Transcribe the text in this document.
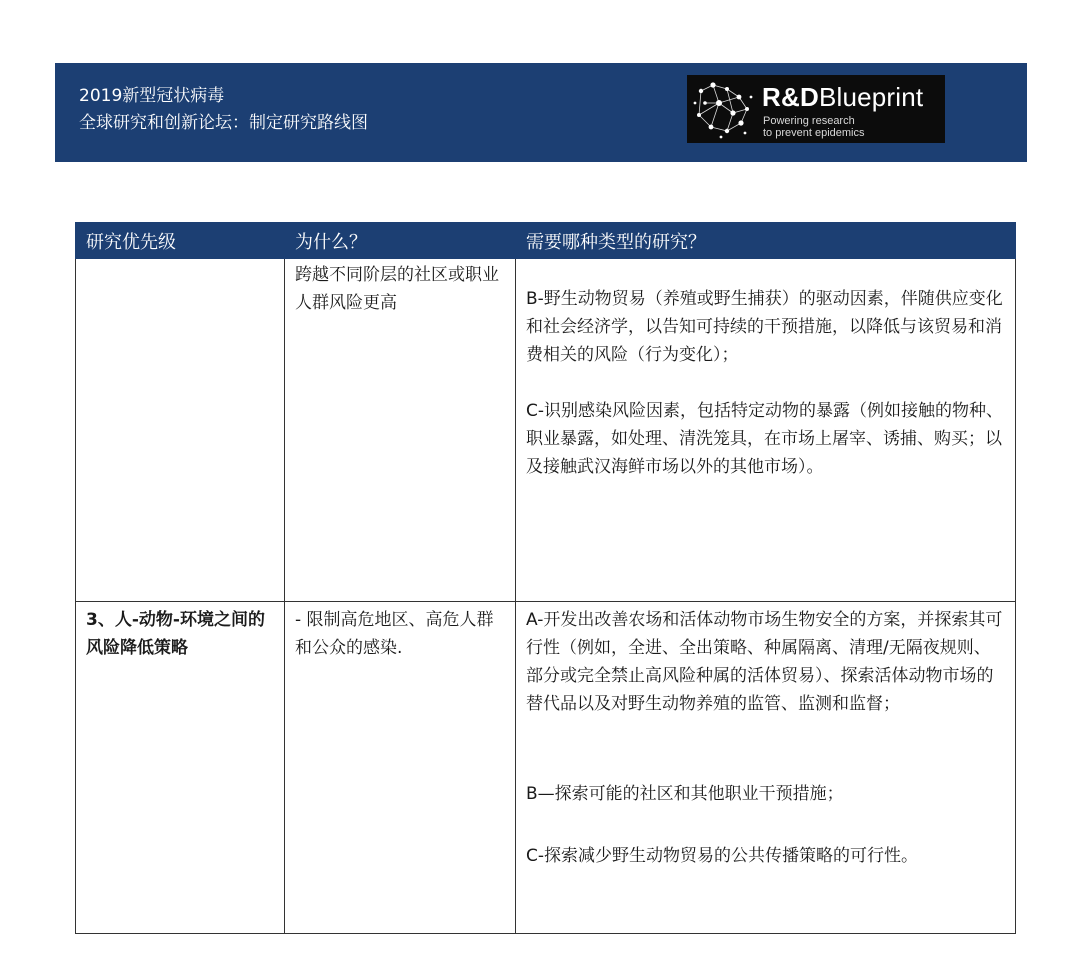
2019新型冠状病毒
全球研究和创新论坛：制定研究路线图
R&DBlueprint
Powering research
to prevent epidemics
研究优先级	为什么？	需要哪种类型的研究？
	跨越不同阶层的社区或职业人群风险更高	B-野生动物贸易（养殖或野生捕获）的驱动因素，伴随供应变化和社会经济学，以告知可持续的干预措施，以降低与该贸易和消费相关的风险（行为变化）；
C-识别感染风险因素，包括特定动物的暴露（例如接触的物种、职业暴露，如处理、清洗笼具，在市场上屠宰、诱捕、购买；以及接触武汉海鲜市场以外的其他市场）。

3、人-动物-环境之间的风险降低策略	- 限制高危地区、高危人群和公众的感染.	A-开发出改善农场和活体动物市场生物安全的方案，并探索其可行性（例如，全进、全出策略、种属隔离、清理/无隔夜规则、部分或完全禁止高风险种属的活体贸易）、探索活体动物市场的替代品以及对野生动物养殖的监管、监测和监督；
B—探索可能的社区和其他职业干预措施；
C-探索减少野生动物贸易的公共传播策略的可行性。
